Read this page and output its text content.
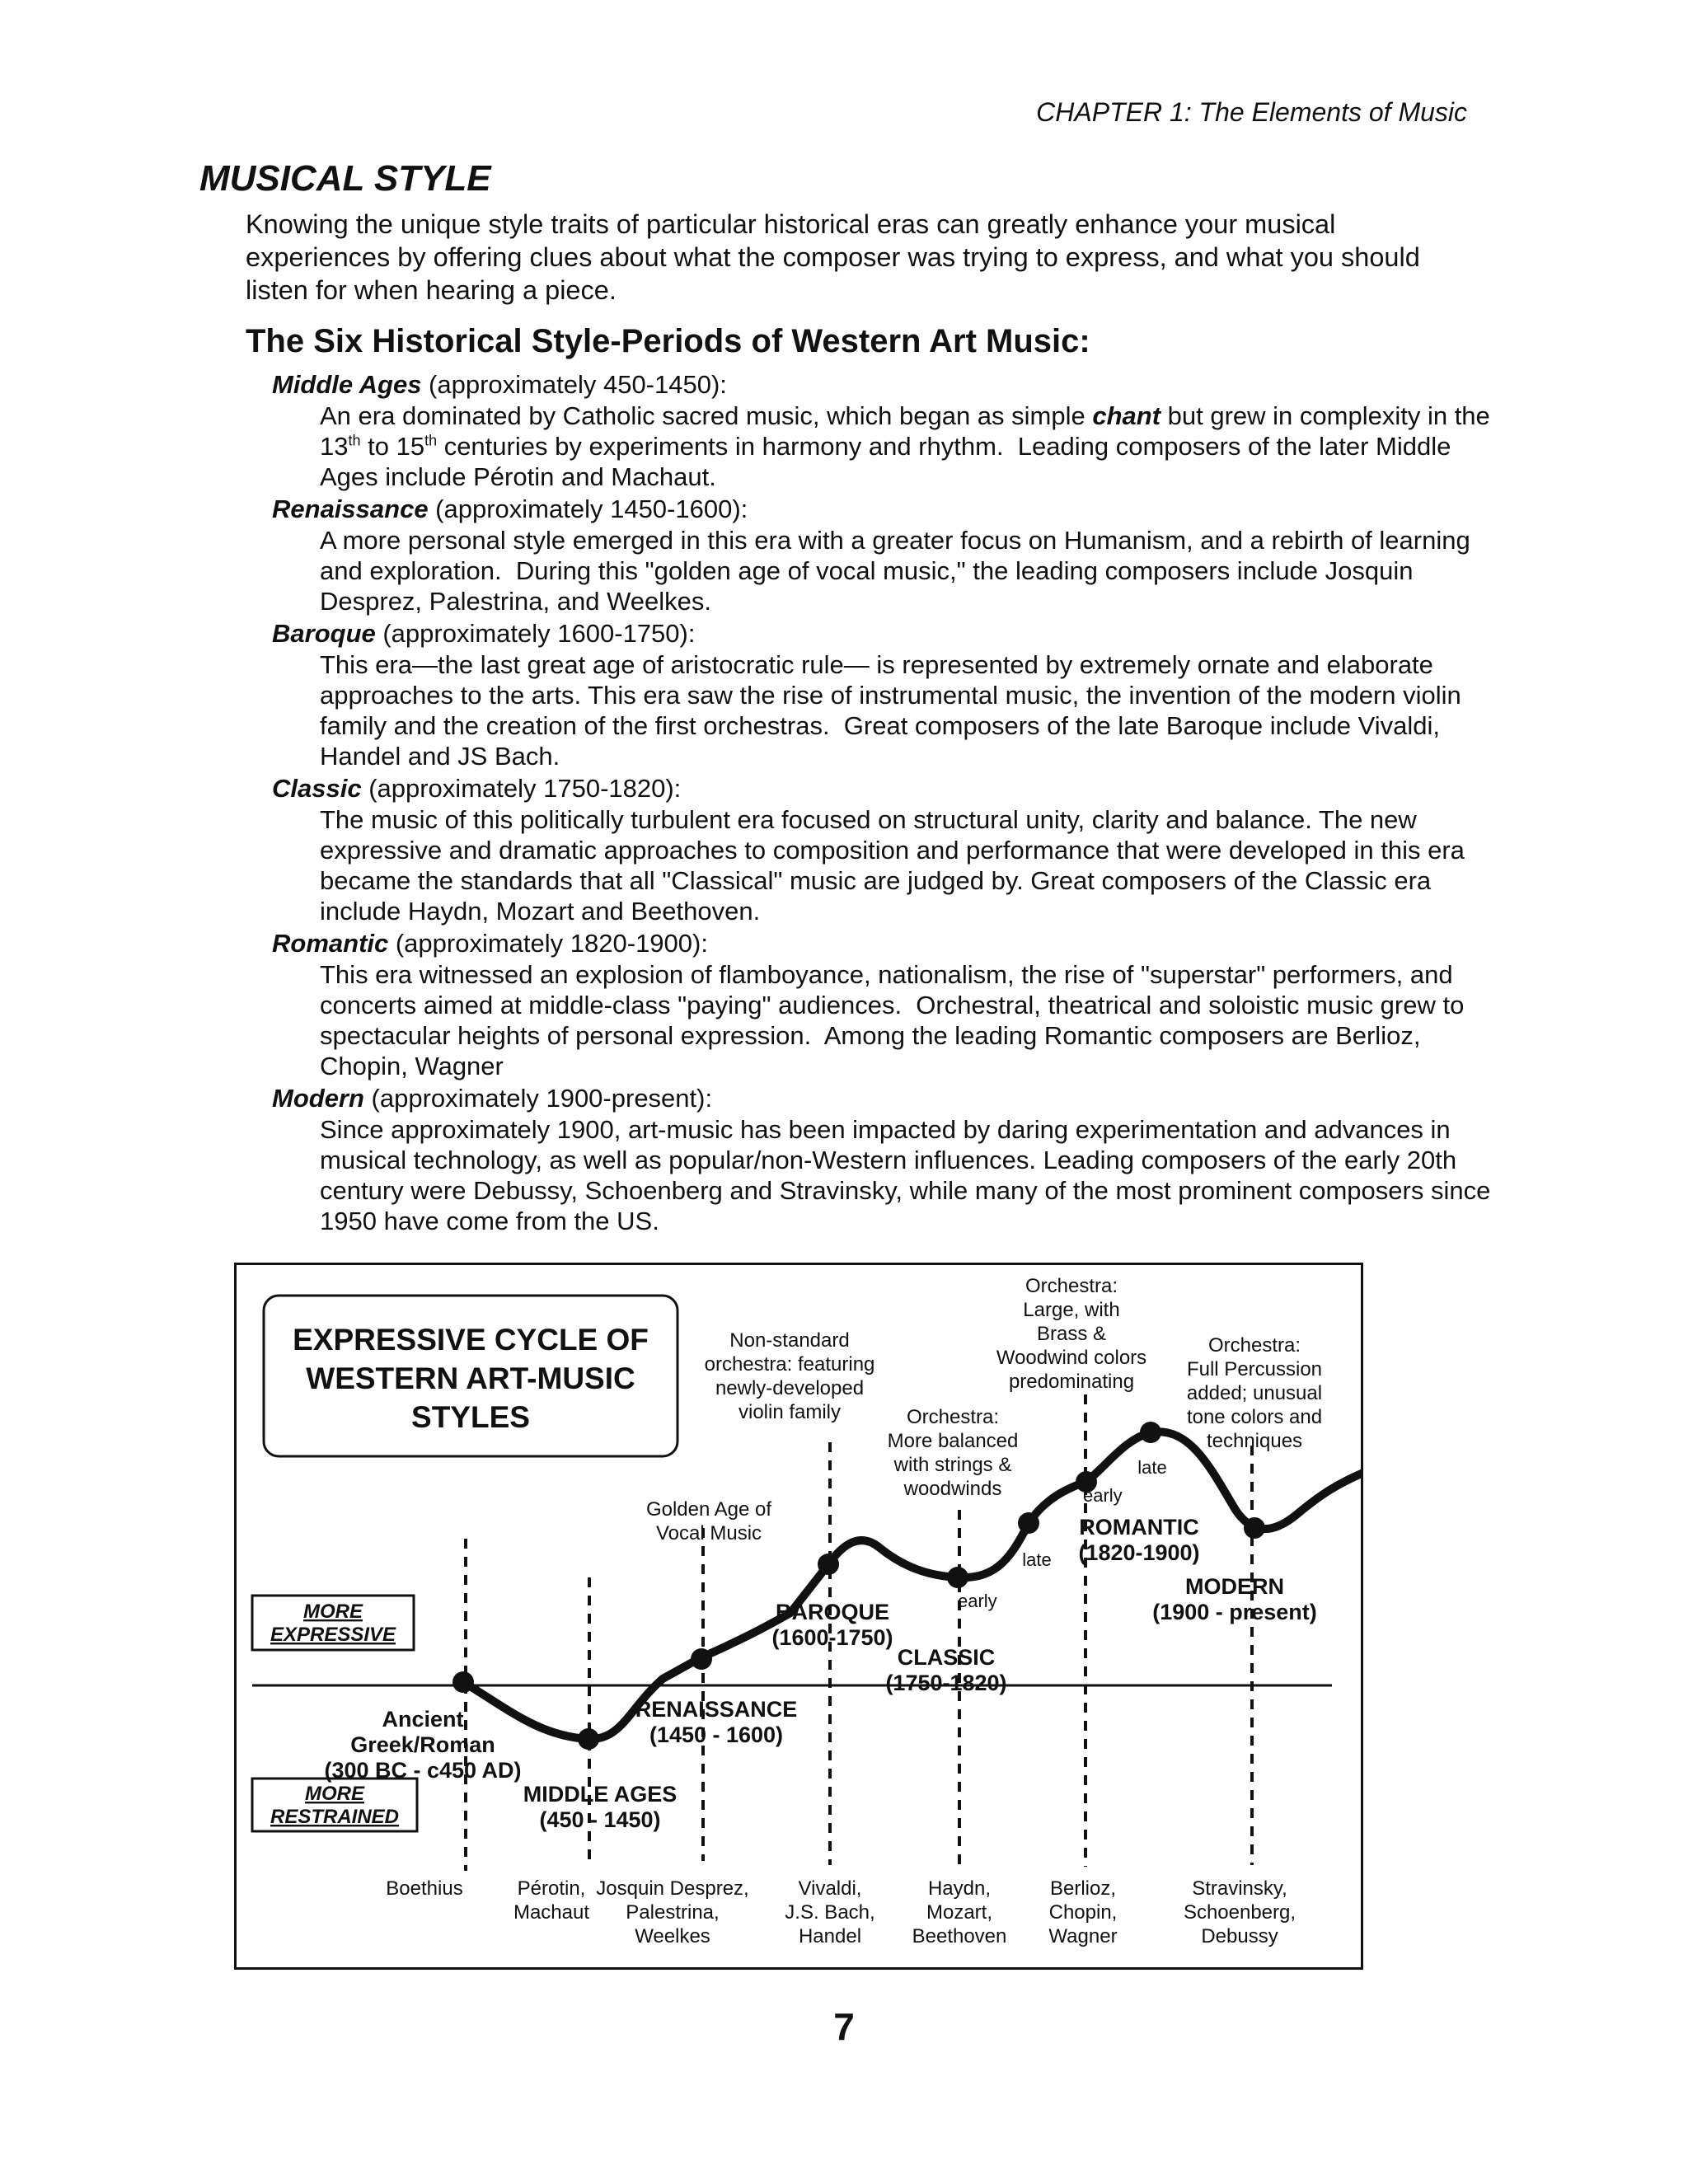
CHAPTER 1: The Elements of Music
MUSICAL STYLE

Knowing the unique style traits of particular historical eras can greatly enhance your musical experiences by offering clues about what the composer was trying to express, and what you should listen for when hearing a piece.

The Six Historical Style-Periods of Western Art Music:
Middle Ages (approximately 450-1450):
An era dominated by Catholic sacred music, which began as simple chant but grew in complexity in the 13th to 15th centuries by experiments in harmony and rhythm.  Leading composers of the later Middle Ages include Pérotin and Machaut.
Renaissance (approximately 1450-1600):
A more personal style emerged in this era with a greater focus on Humanism, and a rebirth of learning and exploration.  During this "golden age of vocal music," the leading composers include Josquin Desprez, Palestrina, and Weelkes.
Baroque (approximately 1600-1750):
This era—the last great age of aristocratic rule— is represented by extremely ornate and elaborate approaches to the arts. This era saw the rise of instrumental music, the invention of the modern violin family and the creation of the first orchestras.  Great composers of the late Baroque include Vivaldi, Handel and JS Bach.
Classic (approximately 1750-1820):
The music of this politically turbulent era focused on structural unity, clarity and balance. The new expressive and dramatic approaches to composition and performance that were developed in this era became the standards that all "Classical" music are judged by. Great composers of the Classic era include Haydn, Mozart and Beethoven.
Romantic (approximately 1820-1900):
This era witnessed an explosion of flamboyance, nationalism, the rise of "superstar" performers, and concerts aimed at middle-class "paying" audiences.  Orchestral, theatrical and soloistic music grew to spectacular heights of personal expression.  Among the leading Romantic composers are Berlioz, Chopin, Wagner
Modern (approximately 1900-present):
Since approximately 1900, art-music has been impacted by daring experimentation and advances in musical technology, as well as popular/non-Western influences. Leading composers of the early 20th century were Debussy, Schoenberg and Stravinsky, while many of the most prominent composers since 1950 have come from the US.
EXPRESSIVE CYCLE OF WESTERN ART-MUSIC STYLES
MORE EXPRESSIVE
MORE RESTRAINED
Ancient Greek/Roman (300 BC - c450 AD)
MIDDLE AGES (450 - 1450)
RENAISSANCE (1450 - 1600)
BAROQUE (1600-1750)
CLASSIC (1750-1820)
ROMANTIC (1820-1900)
MODERN (1900 - present)
Golden Age of Vocal Music
Non-standard orchestra: featuring newly-developed violin family	Orchestra: More balanced with strings & woodwinds
Orchestra: Large, with Brass & Woodwind colors predominating
Orchestra: Full Percussion added; unusual tone colors and techniques
late
early
late
early
Boethius	Pérotin, Machaut
Josquin Desprez, Palestrina, Weelkes
Vivaldi, J.S. Bach, Handel
Haydn, Mozart, Beethoven
Berlioz, Chopin, Wagner
Stravinsky, Schoenberg, Debussy
7
